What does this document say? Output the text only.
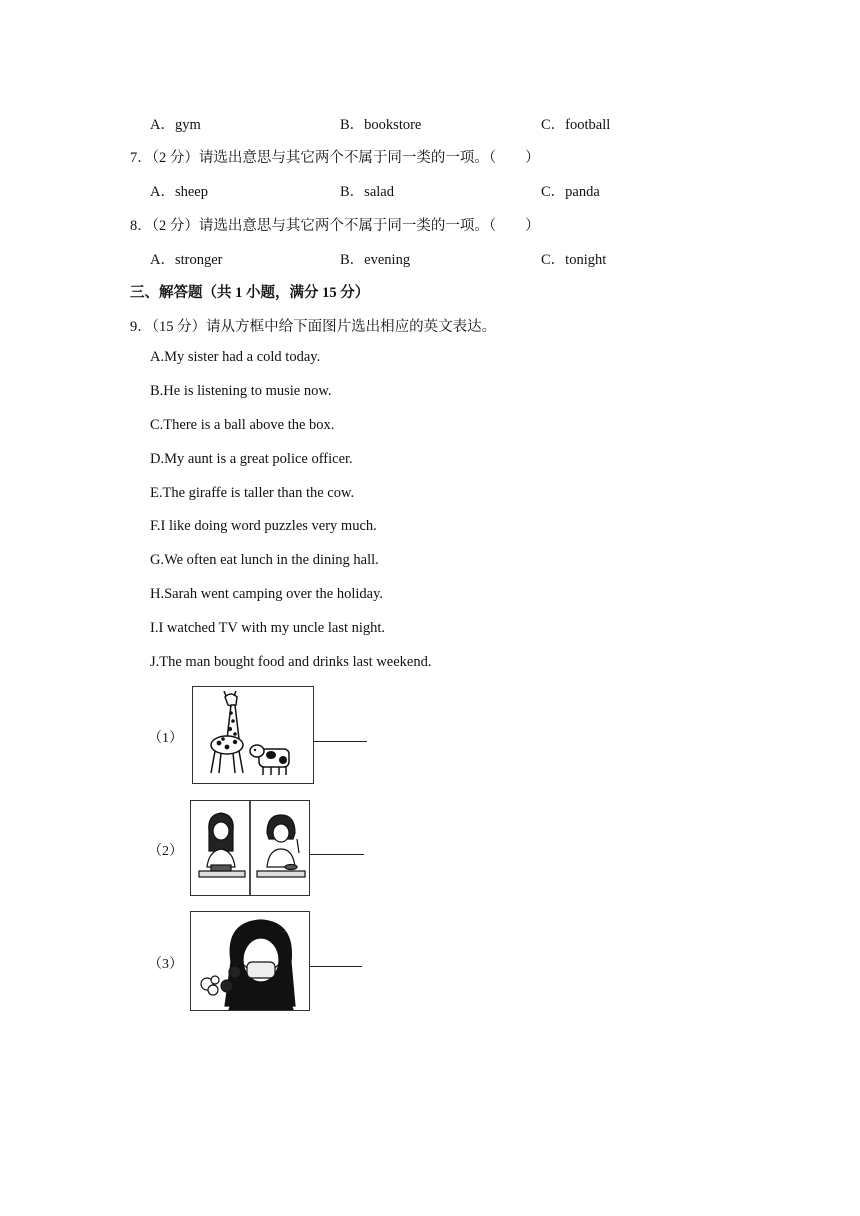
A．gym	B．bookstore	C．football
7．（2 分）请选出意思与其它两个不属于同一类的一项。（　　）
A．sheep	B．salad	C．panda
8．（2 分）请选出意思与其它两个不属于同一类的一项。（　　）
A．stronger	B．evening	C．tonight
三、解答题（共 1 小题，满分 15 分）
9．（15 分）请从方框中给下面图片选出相应的英文表达。
A.My sister had a cold today.
B.He is listening to musie now.
C.There is a ball above the box.
D.My aunt is a great police officer.
E.The giraffe is taller than the cow.
F.I like doing word puzzles very much.
G.We often eat lunch in the dining hall.
H.Sarah went camping over the holiday.
I.I watched TV with my uncle last night.
J.The man bought food and drinks last weekend.
（1）
（2）
（3）
~
